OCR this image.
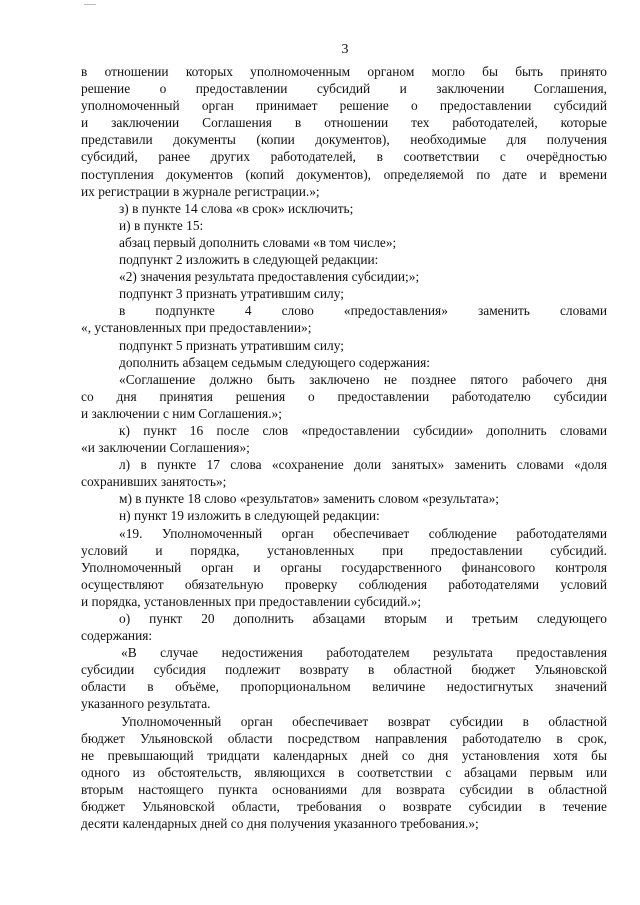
3
в отношении которых уполномоченным органом могло бы быть принято
решение о предоставлении субсидий и заключении Соглашения,
уполномоченный орган принимает решение о предоставлении субсидий
и заключении Соглашения в отношении тех работодателей, которые
представили документы (копии документов), необходимые для получения
субсидий, ранее других работодателей, в соответствии с очерёдностью
поступления документов (копий документов), определяемой по дате и времени
их регистрации в журнале регистрации.»;
з) в пункте 14 слова «в срок» исключить;
и) в пункте 15:
абзац первый дополнить словами «в том числе»;
подпункт 2 изложить в следующей редакции:
«2) значения результата предоставления субсидии;»;
подпункт 3 признать утратившим силу;
в подпункте 4 слово «предоставления» заменить словами
«, установленных при предоставлении»;
подпункт 5 признать утратившим силу;
дополнить абзацем седьмым следующего содержания:
«Соглашение должно быть заключено не позднее пятого рабочего дня
со дня принятия решения о предоставлении работодателю субсидии
и заключении с ним Соглашения.»;
к) пункт 16 после слов «предоставлении субсидии» дополнить словами
«и заключении Соглашения»;
л) в пункте 17 слова «сохранение доли занятых» заменить словами «доля
сохранивших занятость»;
м) в пункте 18 слово «результатов» заменить словом «результата»;
н) пункт 19 изложить в следующей редакции:
«19. Уполномоченный орган обеспечивает соблюдение работодателями
условий и порядка, установленных при предоставлении субсидий.
Уполномоченный орган и органы государственного финансового контроля
осуществляют обязательную проверку соблюдения работодателями условий
и порядка, установленных при предоставлении субсидий.»;
о) пункт 20 дополнить абзацами вторым и третьим следующего
содержания:
«В случае недостижения работодателем результата предоставления
субсидии субсидия подлежит возврату в областной бюджет Ульяновской
области в объёме, пропорциональном величине недостигнутых значений
указанного результата.
Уполномоченный орган обеспечивает возврат субсидии в областной
бюджет Ульяновской области посредством направления работодателю в срок,
не превышающий тридцати календарных дней со дня установления хотя бы
одного из обстоятельств, являющихся в соответствии с абзацами первым или
вторым настоящего пункта основаниями для возврата субсидии в областной
бюджет Ульяновской области, требования о возврате субсидии в течение
десяти календарных дней со дня получения указанного требования.»;
